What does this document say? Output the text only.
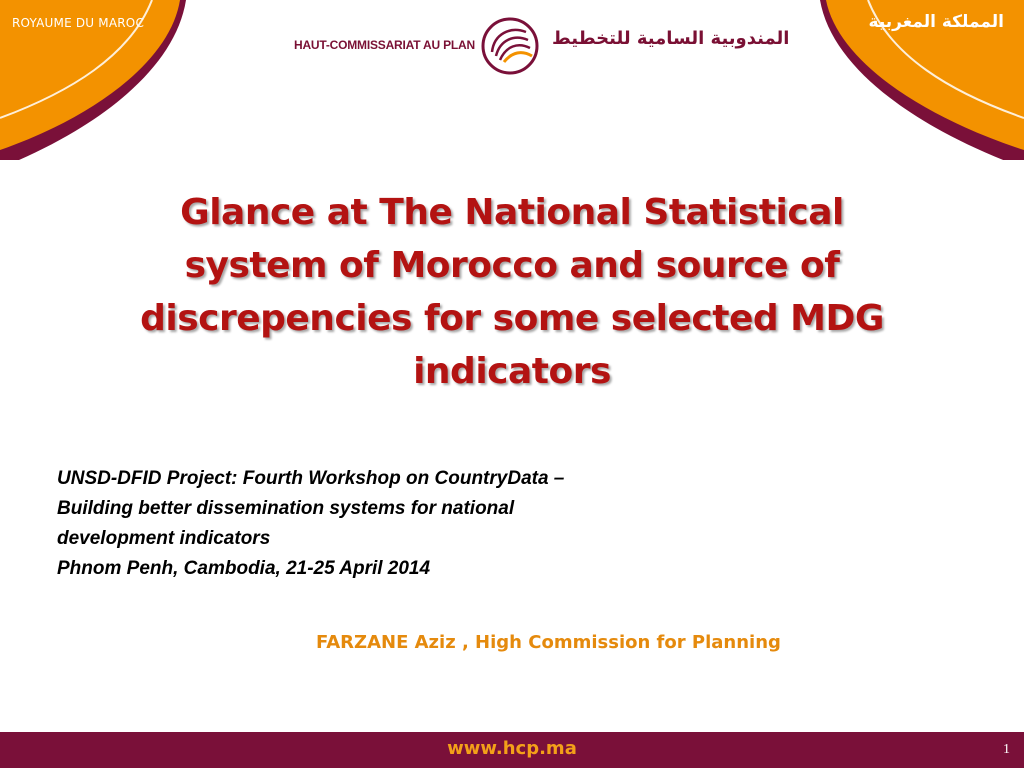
ROYAUME DU MAROC	المملكة المغربية
HAUT-COMMISSARIAT AU PLAN	المندوبية السامية للتخطيط
Glance at The National Statistical
system of Morocco and source of
discrepencies for some selected MDG
indicators
UNSD-DFID Project: Fourth Workshop on CountryData –
Building better dissemination systems for national
development indicators
Phnom Penh, Cambodia, 21-25 April 2014
FARZANE Aziz , High Commission for Planning
www.hcp.ma	1
